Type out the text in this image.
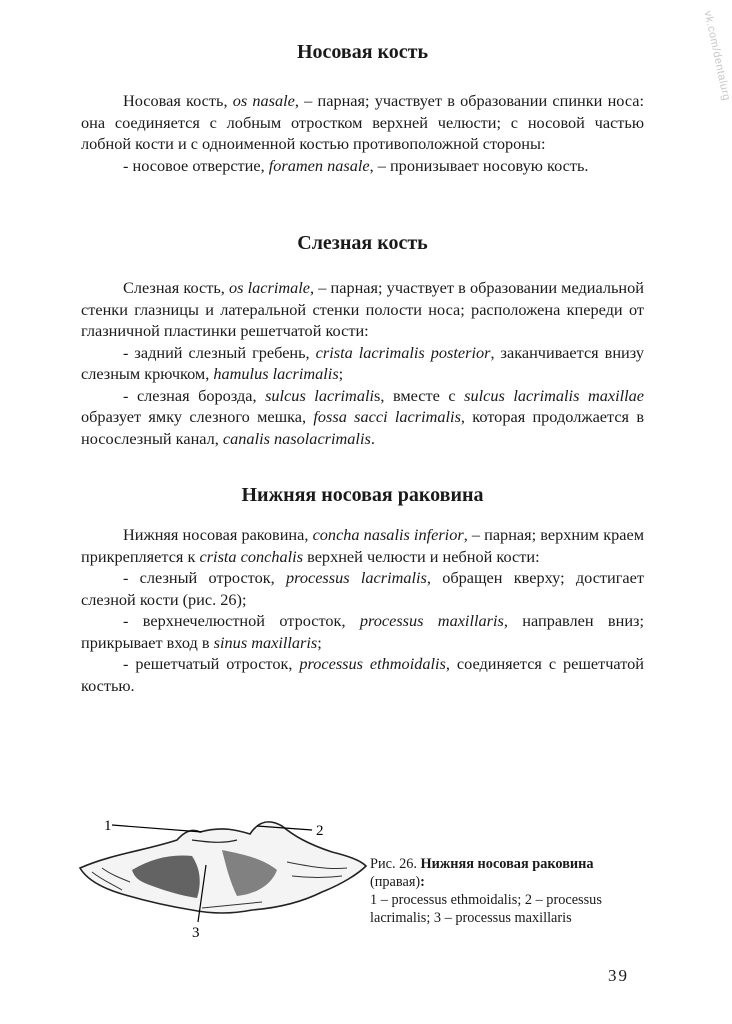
vk.com/dentalurg
Носовая кость

Носовая кость, os nasale, – парная; участвует в образовании спинки носа: она соединяется с лобным отростком верхней челюсти; с носовой частью лобной кости и с одноименной костью противоположной стороны:

- носовое отверстие, foramen nasale, – пронизывает носовую кость.

Слезная кость

Слезная кость, os lacrimale, – парная; участвует в образовании медиальной стенки глазницы и латеральной стенки полости носа; расположена кпереди от глазничной пластинки решетчатой кости:

- задний слезный гребень, crista lacrimalis posterior, заканчивается внизу слезным крючком, hamulus lacrimalis;

- слезная борозда, sulcus lacrimalis, вместе с sulcus lacrimalis maxillae образует ямку слезного мешка, fossa sacci lacrimalis, которая продолжается в носослезный канал, canalis nasolacrimalis.

Нижняя носовая раковина

Нижняя носовая раковина, concha nasalis inferior, – парная; верхним краем прикрепляется к crista conchalis верхней челюсти и небной кости:

- слезный отросток, processus lacrimalis, обращен кверху; достигает слезной кости (рис. 26);

- верхнечелюстной отросток, processus maxillaris, направлен вниз; прикрывает вход в sinus maxillaris;

- решетчатый отросток, processus ethmoidalis, соединяется с решетчатой костью.

1	2
3

Рис. 26. Нижняя носовая раковина

(правая):

1 – processus ethmoidalis; 2 – processus lacrimalis; 3 – processus maxillaris

39
